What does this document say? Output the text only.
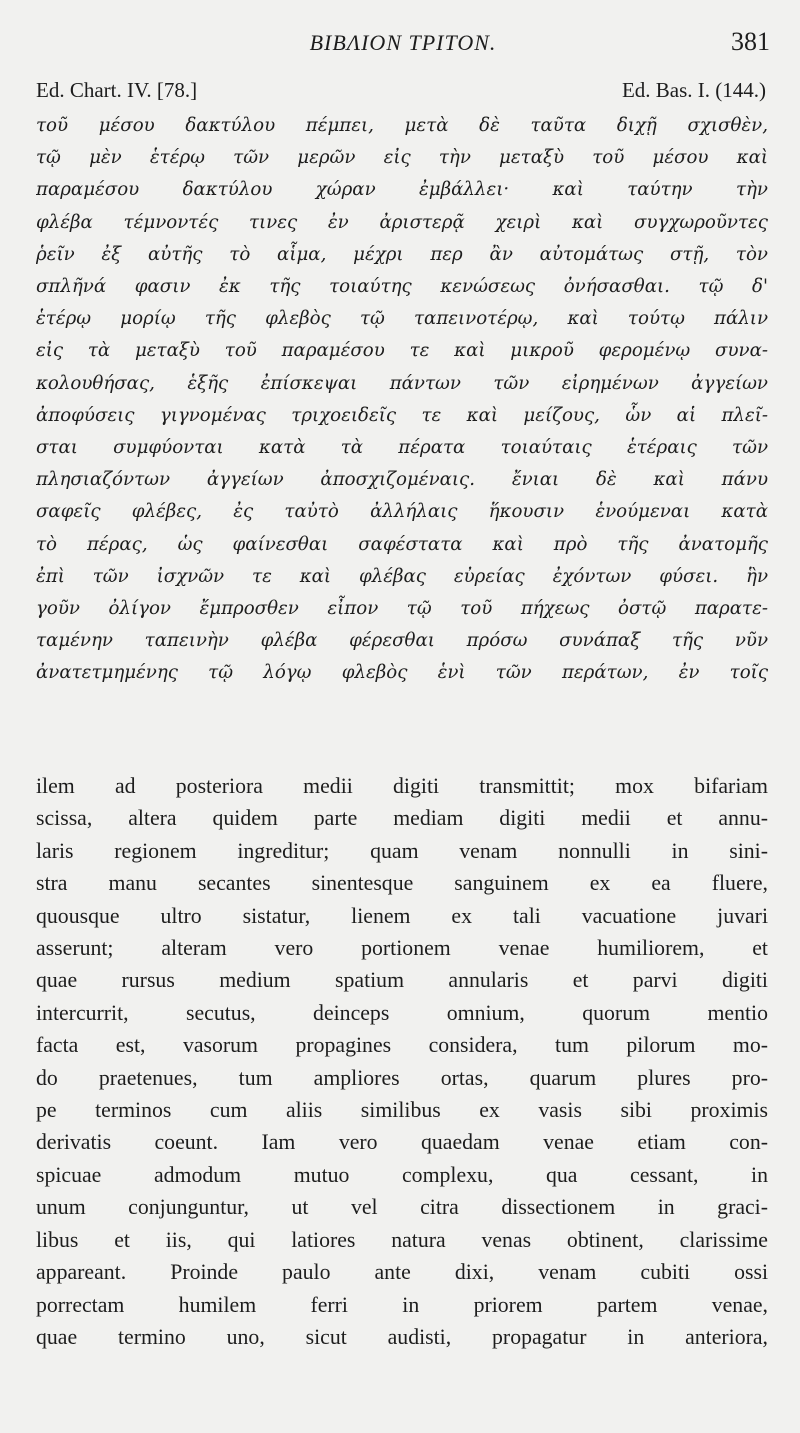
BIBΛΙΟΝ ΤΡΙΤΟΝ.	381
Ed. Chart. IV. [78.]	Ed. Bas. I. (144.)
τοῦ μέσου δακτύλου πέμπει, μετὰ δὲ ταῦτα διχῇ σχισθὲν,
τῷ μὲν ἑτέρῳ τῶν μερῶν εἰς τὴν μεταξὺ τοῦ μέσου καὶ
παραμέσου δακτύλου χώραν ἐμβάλλει· καὶ ταύτην τὴν
φλέβα τέμνοντές τινες ἐν ἀριστερᾷ χειρὶ καὶ συγχωροῦντες
ῥεῖν ἐξ αὐτῆς τὸ αἷμα, μέχρι περ ἂν αὐτομάτως στῇ, τὸν
σπλῆνά φασιν ἐκ τῆς τοιαύτης κενώσεως ὀνήσασθαι. τῷ δ'
ἑτέρῳ μορίῳ τῆς φλεβὸς τῷ ταπεινοτέρῳ, καὶ τούτῳ πάλιν
εἰς τὰ μεταξὺ τοῦ παραμέσου τε καὶ μικροῦ φερομένῳ συνα-
κολουθήσας, ἑξῆς ἐπίσκεψαι πάντων τῶν εἰρημένων ἀγγείων
ἀποφύσεις γιγνομένας τριχοειδεῖς τε καὶ μείζους, ὧν αἱ πλεῖ-
σται συμφύονται κατὰ τὰ πέρατα τοιαύταις ἑτέραις τῶν
πλησιαζόντων ἀγγείων ἀποσχιζομέναις. ἔνιαι δὲ καὶ πάνυ
σαφεῖς φλέβες, ἐς ταὐτὸ ἀλλήλαις ἥκουσιν ἑνούμεναι κατὰ
τὸ πέρας, ὡς φαίνεσθαι σαφέστατα καὶ πρὸ τῆς ἀνατομῆς
ἐπὶ τῶν ἰσχνῶν τε καὶ φλέβας εὐρείας ἐχόντων φύσει. ἣν
γοῦν ὀλίγον ἔμπροσθεν εἶπον τῷ τοῦ πήχεως ὀστῷ παρατε-
ταμένην ταπεινὴν φλέβα φέρεσθαι πρόσω συνάπαξ τῆς νῦν
ἀνατετμημένης τῷ λόγῳ φλεβὸς ἑνὶ τῶν περάτων, ἐν τοῖς
ilem ad posteriora medii digiti transmittit; mox bifariam
scissa, altera quidem parte mediam digiti medii et annu-
laris regionem ingreditur; quam venam nonnulli in sini-
stra manu secantes sinentesque sanguinem ex ea fluere,
quousque ultro sistatur, lienem ex tali vacuatione juvari
asserunt; alteram vero portionem venae humiliorem, et
quae rursus medium spatium annularis et parvi digiti
intercurrit, secutus, deinceps omnium, quorum mentio
facta est, vasorum propagines considera, tum pilorum mo-
do praetenues, tum ampliores ortas, quarum plures pro-
pe terminos cum aliis similibus ex vasis sibi proximis
derivatis coeunt. Iam vero quaedam venae etiam con-
spicuae admodum mutuo complexu, qua cessant, in
unum conjunguntur, ut vel citra dissectionem in graci-
libus et iis, qui latiores natura venas obtinent, clarissime
appareant. Proinde paulo ante dixi, venam cubiti ossi
porrectam humilem ferri in priorem partem venae,
quae termino uno, sicut audisti, propagatur in anteriora,
